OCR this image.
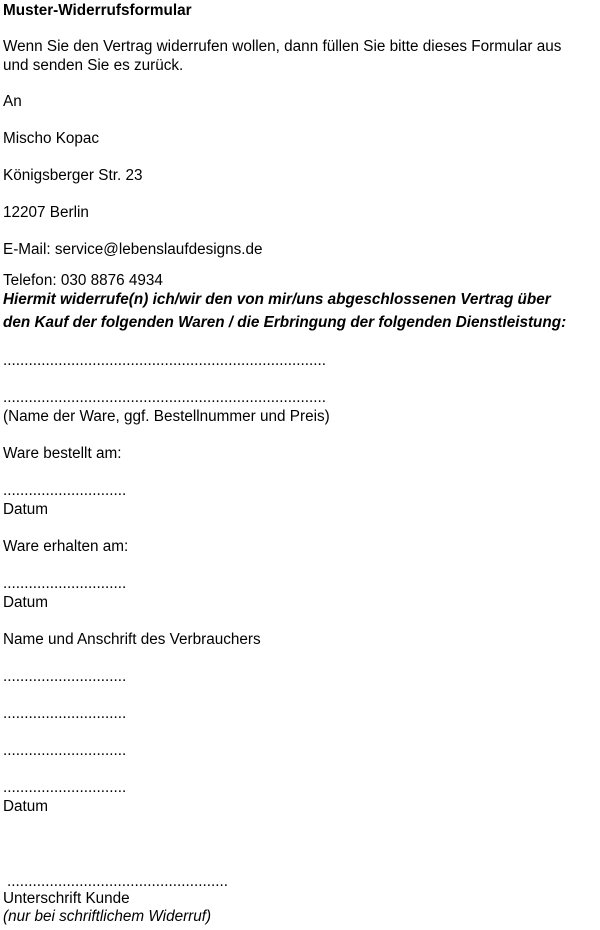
Muster-Widerrufsformular
Wenn Sie den Vertrag widerrufen wollen, dann füllen Sie bitte dieses Formular aus
und senden Sie es zurück.
An
Mischo Kopac
Königsberger Str. 23
12207 Berlin
E-Mail: service@lebenslaufdesigns.de
Telefon: 030 8876 4934
Hiermit widerrufe(n) ich/wir den von mir/uns abgeschlossenen Vertrag über
den Kauf der folgenden Waren / die Erbringung der folgenden Dienstleistung:
............................................................................
............................................................................
(Name der Ware, ggf. Bestellnummer und Preis)
Ware bestellt am:
.............................
Datum
Ware erhalten am:
.............................
Datum
Name und Anschrift des Verbrauchers
.............................
.............................
.............................
.............................
Datum
....................................................
Unterschrift Kunde
(nur bei schriftlichem Widerruf)
